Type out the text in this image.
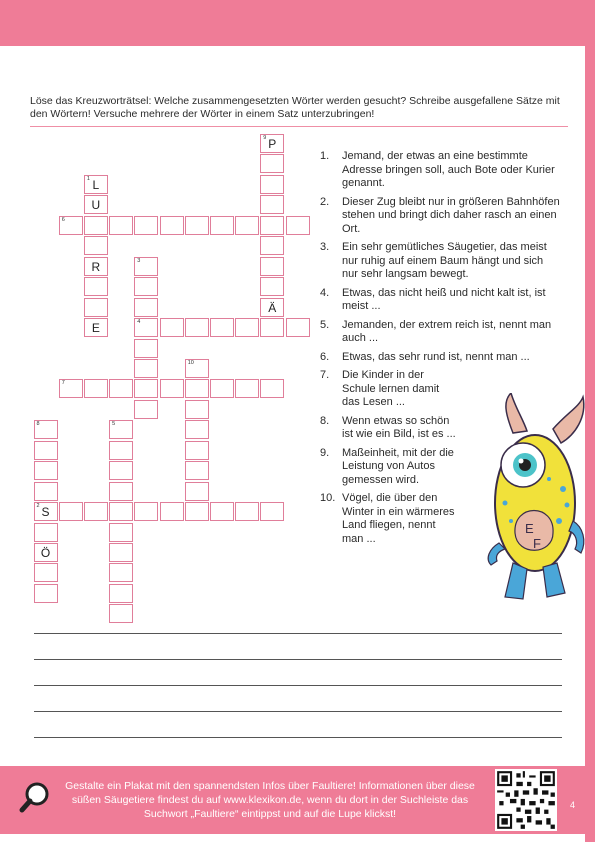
Löse das Kreuzworträtsel: Welche zusammengesetzten Wörter werden gesucht? Schreibe ausgefallene Sätze mit den Wörtern! Versuche mehrere der Wörter in einem Satz unterzubringen!

1 L
U
R
E
2 S
3
4
5
6
7
8
Ö
9 P
Ä
10
1. Jemand, der etwas an eine bestimmte Adresse bringen soll, auch Bote oder Kurier genannt.
2. Dieser Zug bleibt nur in größeren Bahnhöfen stehen und bringt dich daher rasch an einen Ort.
3. Ein sehr gemütliches Säugetier, das meist nur ruhig auf einem Baum hängt und sich nur sehr langsam bewegt.
4. Etwas, das nicht heiß und nicht kalt ist, ist meist ...
5. Jemanden, der extrem reich ist, nennt man auch ...
6. Etwas, das sehr rund ist, nennt man ...
7. Die Kinder in der Schule lernen damit das Lesen ...
8. Wenn etwas so schön ist wie ein Bild, ist es ...
9. Maßeinheit, mit der die Leistung von Autos gemessen wird.
10. Vögel, die über den Winter in ein wärmeres Land fliegen, nennt man ...
E
F

Gestalte ein Plakat mit den spannendsten Infos über Faultiere! Informationen über diese süßen Säugetiere findest du auf www.klexikon.de, wenn du dort in der Suchleiste das Suchwort „Faultiere“ eintippst und auf die Lupe klickst!

4
